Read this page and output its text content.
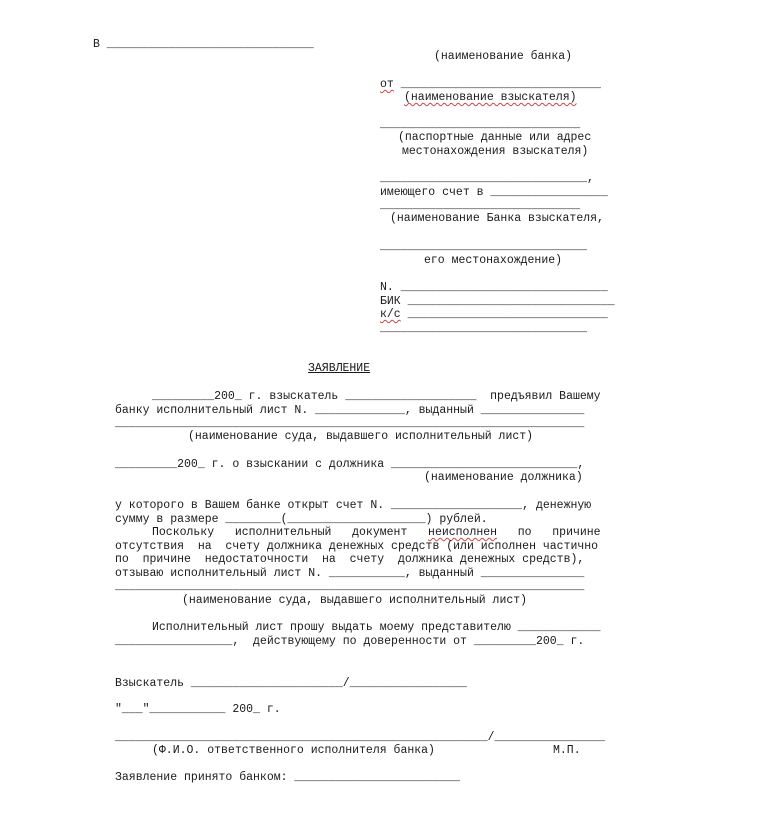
В ______________________________
(наименование банка)
от _____________________________
(наименование взыскателя)
_____________________________
(паспортные данные или адрес
местонахождения взыскателя)
______________________________,
имеющего счет в _________________
_____________________________
(наименование Банка взыскателя,
______________________________
его местонахождение)
N. ______________________________
БИК ______________________________
к/с _____________________________
______________________________
ЗАЯВЛЕНИЕ
_________200_ г. взыскатель ___________________  предъявил Вашему
банку исполнительный лист N. _____________, выданный _______________
____________________________________________________________________
(наименование суда, выдавшего исполнительный лист)
_________200_ г. о взыскании с должника ___________________________,
(наименование должника)
у которого в Вашем банке открыт счет N. ___________________, денежную
сумму в размере ________(____________________) рублей.
Поскольку   исполнительный   документ   неисполнен   по   причине
отсутствия  на  счету должника денежных средств (или исполнен частично
по  причине  недостаточности  на  счету  должника денежных средств),
отзываю исполнительный лист N. ___________, выданный _______________
____________________________________________________________________
(наименование суда, выдавшего исполнительный лист)
Исполнительный лист прошу выдать моему представителю ____________
_________________,  действующему по доверенности от _________200_ г.
Взыскатель ______________________/_________________
"___"___________ 200_ г.
______________________________________________________/________________
(Ф.И.О. ответственного исполнителя банка)	М.П.
Заявление принято банком: ________________________
